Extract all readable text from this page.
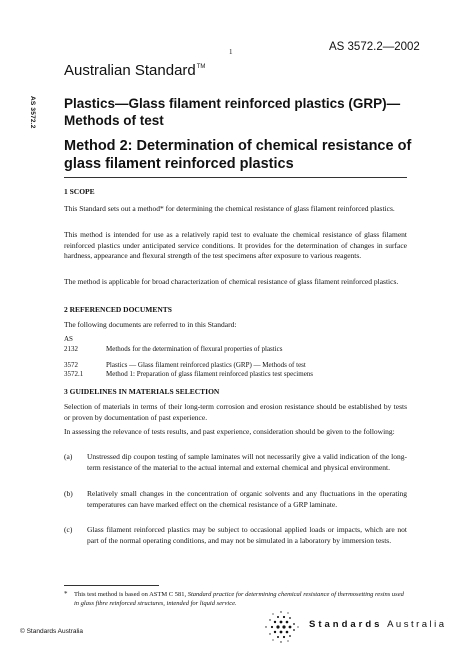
1	AS 3572.2—2002
Australian Standard™
AS 3572.2 Plastics—Glass filament reinforced plastics (GRP)—Methods of test
Method 2: Determination of chemical resistance of glass filament reinforced plastics
1 SCOPE

This Standard sets out a method* for determining the chemical resistance of glass filament reinforced plastics.

This method is intended for use as a relatively rapid test to evaluate the chemical resistance of glass filament reinforced plastics under anticipated service conditions. It provides for the determination of changes in surface hardness, appearance and flexural strength of the test specimens after exposure to various reagents.

The method is applicable for broad characterization of chemical resistance of glass filament reinforced plastics.

2 REFERENCED DOCUMENTS

The following documents are referred to in this Standard:

AS
2132	Methods for the determination of flexural properties of plastics
3572	Plastics — Glass filament reinforced plastics (GRP) — Methods of test
3572.1	Method 1: Preparation of glass filament reinforced plastics test specimens
3 GUIDELINES IN MATERIALS SELECTION

Selection of materials in terms of their long-term corrosion and erosion resistance should be established by tests or proven by documentation of past experience.

In assessing the relevance of tests results, and past experience, consideration should be given to the following:

(a) Unstressed dip coupon testing of sample laminates will not necessarily give a valid indication of the long-term resistance of the material to the actual internal and external chemical and physical environment.

(b) Relatively small changes in the concentration of organic solvents and any fluctuations in the operating temperatures can have marked effect on the chemical resistance of a GRP laminate.

(c) Glass filament reinforced plastics may be subject to occasional applied loads or impacts, which are not part of the normal operating conditions, and may not be simulated in a laboratory by immersion tests.

* This test method is based on ASTM C 581, Standard practice for determining chemical resistance of thermosetting resins used in glass fibre reinforced structures, intended for liquid service.
© Standards Australia
Standards Australia
